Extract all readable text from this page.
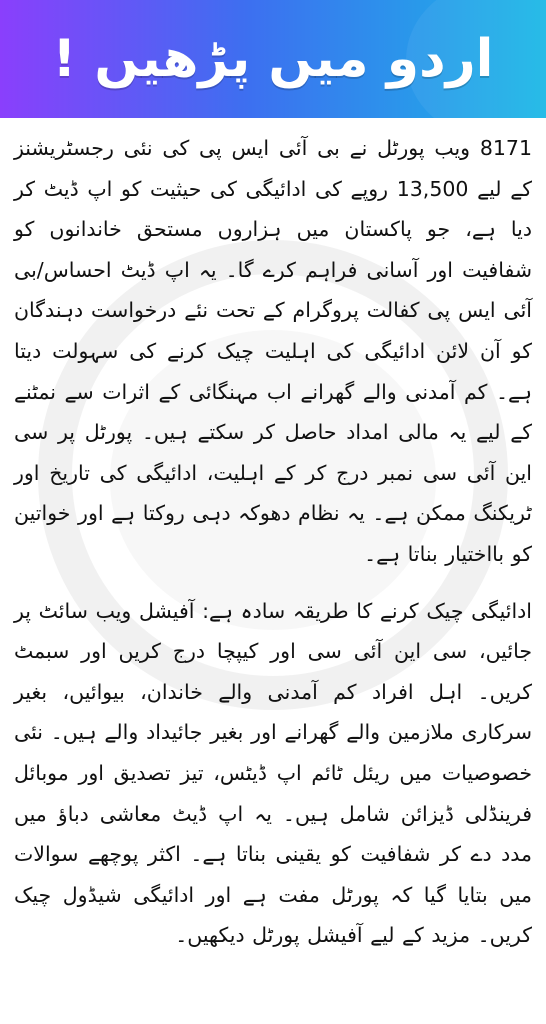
اردو میں پڑھیں !

8171 ویب پورٹل نے بی آئی ایس پی کی نئی رجسٹریشنز کے لیے 13,500 روپے کی ادائیگی کی حیثیت کو اپ ڈیٹ کر دیا ہے، جو پاکستان میں ہزاروں مستحق خاندانوں کو شفافیت اور آسانی فراہم کرے گا۔ یہ اپ ڈیٹ احساس/بی آئی ایس پی کفالت پروگرام کے تحت نئے درخواست دہندگان کو آن لائن ادائیگی کی اہلیت چیک کرنے کی سہولت دیتا ہے۔ کم آمدنی والے گھرانے اب مہنگائی کے اثرات سے نمٹنے کے لیے یہ مالی امداد حاصل کر سکتے ہیں۔ پورٹل پر سی این آئی سی نمبر درج کر کے اہلیت، ادائیگی کی تاریخ اور ٹریکنگ ممکن ہے۔ یہ نظام دھوکہ دہی روکتا ہے اور خواتین کو بااختیار بناتا ہے۔

ادائیگی چیک کرنے کا طریقہ سادہ ہے: آفیشل ویب سائٹ پر جائیں، سی این آئی سی اور کیپچا درج کریں اور سبمٹ کریں۔ اہل افراد کم آمدنی والے خاندان، بیوائیں، بغیر سرکاری ملازمین والے گھرانے اور بغیر جائیداد والے ہیں۔ نئی خصوصیات میں ریئل ٹائم اپ ڈیٹس، تیز تصدیق اور موبائل فرینڈلی ڈیزائن شامل ہیں۔ یہ اپ ڈیٹ معاشی دباؤ میں مدد دے کر شفافیت کو یقینی بناتا ہے۔ اکثر پوچھے سوالات میں بتایا گیا کہ پورٹل مفت ہے اور ادائیگی شیڈول چیک کریں۔ مزید کے لیے آفیشل پورٹل دیکھیں۔
